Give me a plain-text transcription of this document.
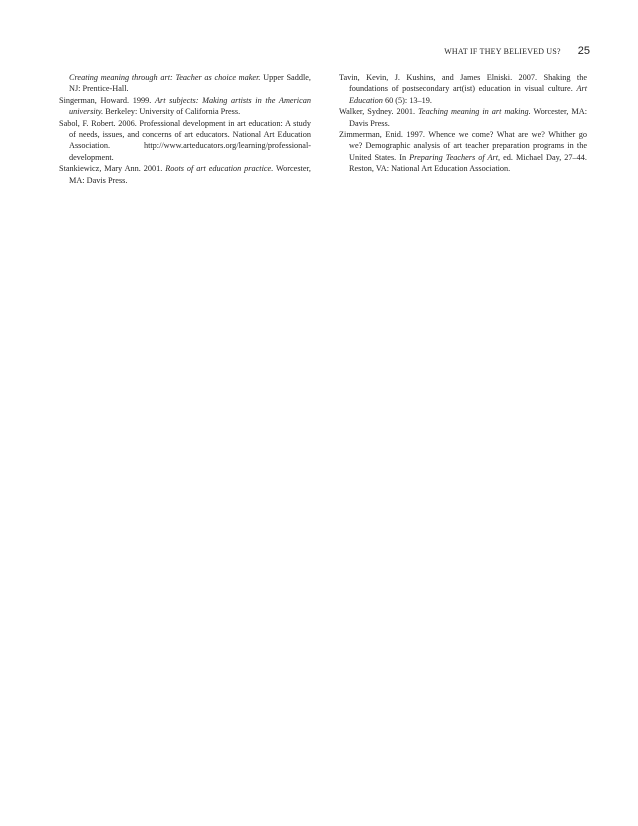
WHAT IF THEY BELIEVED US? 25

Creating meaning through art: Teacher as choice maker. Upper Saddle, NJ: Prentice-Hall.

Singerman, Howard. 1999. Art subjects: Making artists in the American university. Berkeley: University of California Press.

Sabol, F. Robert. 2006. Professional development in art education: A study of needs, issues, and concerns of art educators. National Art Education Association. http://www.arteducators.org/learning/professional-development.

Stankiewicz, Mary Ann. 2001. Roots of art education practice. Worcester, MA: Davis Press.

Tavin, Kevin, J. Kushins, and James Elniski. 2007. Shaking the foundations of postsecondary art(ist) education in visual culture. Art Education 60 (5): 13–19.

Walker, Sydney. 2001. Teaching meaning in art making. Worcester, MA: Davis Press.

Zimmerman, Enid. 1997. Whence we come? What are we? Whither go we? Demographic analysis of art teacher preparation programs in the United States. In Preparing Teachers of Art, ed. Michael Day, 27–44. Reston, VA: National Art Education Association.
